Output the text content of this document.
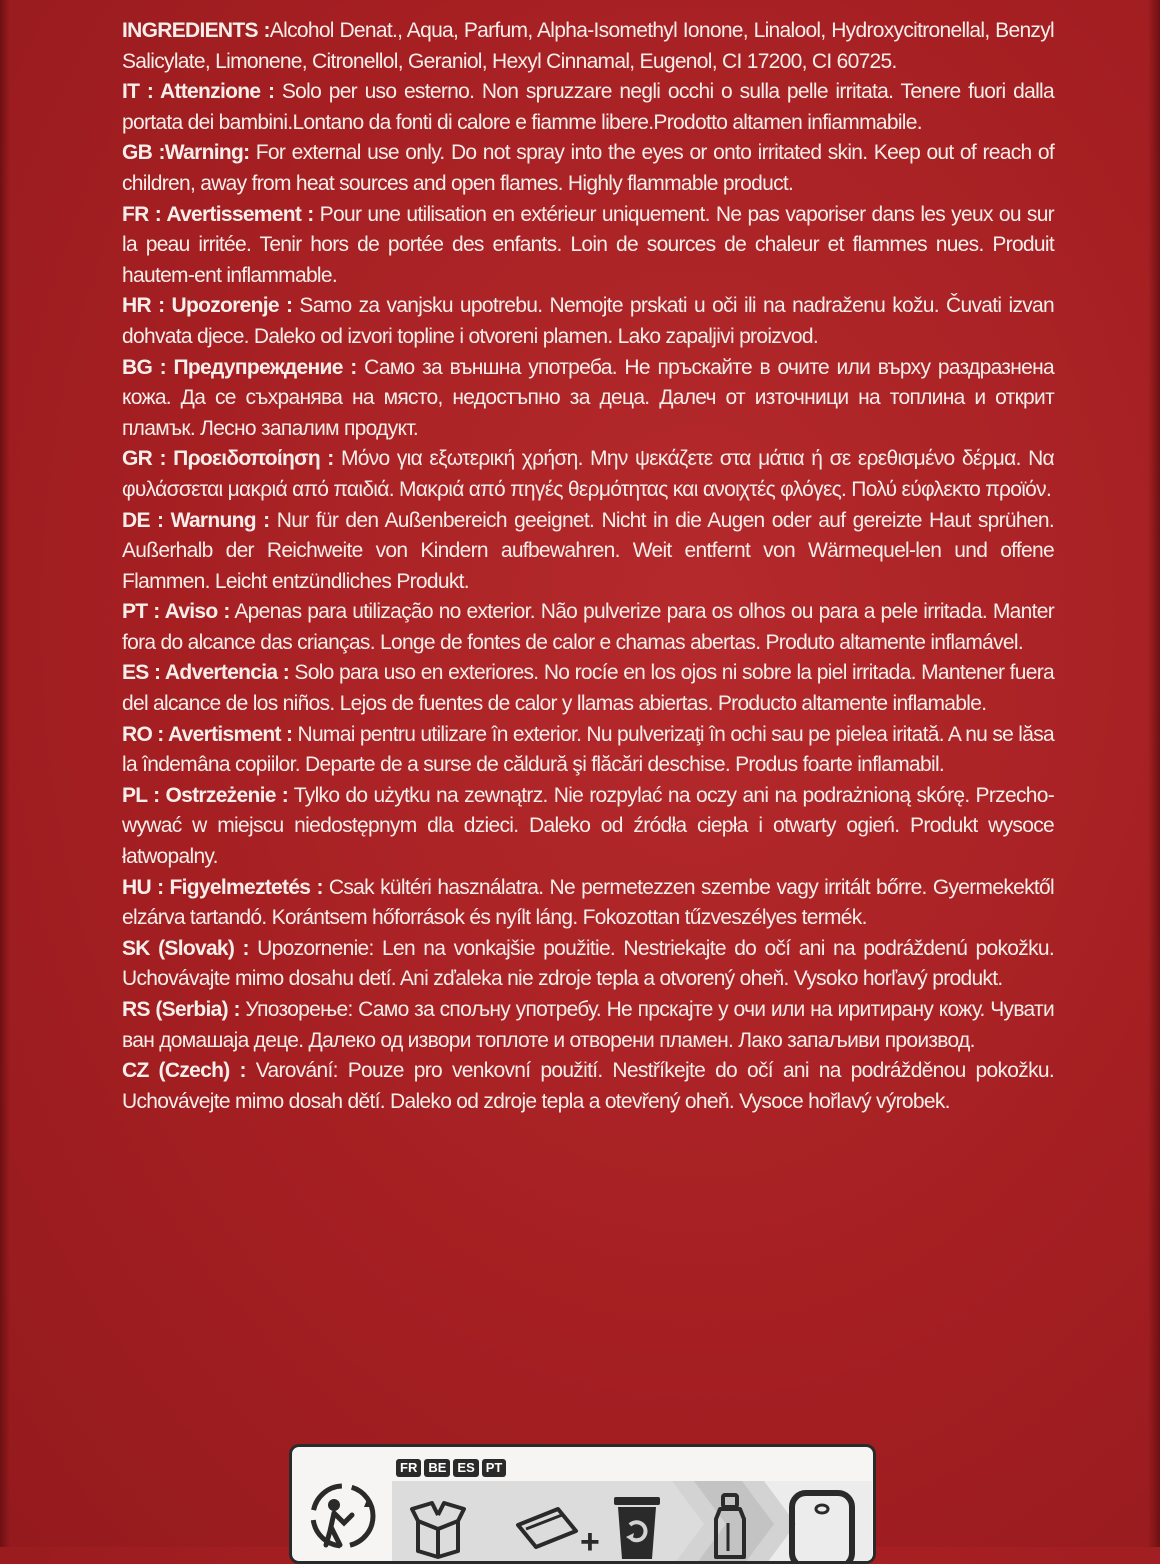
INGREDIENTS :Alcohol Denat., Aqua, Parfum, Alpha-Isomethyl Ionone, Linalool, Hydroxycitronellal, Benzyl Salicylate, Limonene, Citronellol, Geraniol, Hexyl Cinnamal, Eugenol, CI 17200, CI 60725.

IT : Attenzione : Solo per uso esterno. Non spruzzare negli occhi o sulla pelle irritata. Tenere fuori dalla portata dei bambini.Lontano da fonti di calore e fiamme libere.Prodotto altamen infiammabile.

GB :Warning: For external use only. Do not spray into the eyes or onto irritated skin. Keep out of reach of children, away from heat sources and open flames. Highly flammable product.

FR : Avertissement : Pour une utilisation en extérieur uniquement. Ne pas vaporiser dans les yeux ou sur la peau irritée. Tenir hors de portée des enfants. Loin de sources de chaleur et flammes nues. Produit hautem-ent inflammable.

HR : Upozorenje : Samo za vanjsku upotrebu. Nemojte prskati u oči ili na nadraženu kožu. Čuvati izvan dohvata djece. Daleko od izvori topline i otvoreni plamen. Lako zapaljivi proizvod.

BG : Предупреждение : Само за външна употреба. Не пръскайте в очите или върху раздразнена кожа. Да се съхранява на място, недостъпно за деца. Далеч от източници на топлина и открит пламък. Лесно запалим продукт.

GR : Προειδοποίηση : Μόνο για εξωτερική χρήση. Μην ψεκάζετε στα μάτια ή σε ερεθισμένο δέρμα. Να φυλάσσεται μακριά από παιδιά. Μακριά από πηγές θερμότητας και ανοιχτές φλόγες. Πολύ εύφλεκτο προϊόν.

DE : Warnung : Nur für den Außenbereich geeignet. Nicht in die Augen oder auf gereizte Haut sprühen. Außerhalb der Reichweite von Kindern aufbewahren. Weit entfernt von Wärmequel-len und offene Flammen. Leicht entzündliches Produkt.

PT : Aviso : Apenas para utilização no exterior. Não pulverize para os olhos ou para a pele irritada. Manter fora do alcance das crianças. Longe de fontes de calor e chamas abertas. Produto altamente inflamável.

ES : Advertencia : Solo para uso en exteriores. No rocíe en los ojos ni sobre la piel irritada. Mantener fuera del alcance de los niños. Lejos de fuentes de calor y llamas abiertas. Producto altamente inflamable.

RO : Avertisment : Numai pentru utilizare în exterior. Nu pulverizaţi în ochi sau pe pielea iritată. A nu se lăsa la îndemâna copiilor. Departe de a surse de căldură şi flăcări deschise. Produs foarte inflamabil.

PL : Ostrzeżenie : Tylko do użytku na zewnątrz. Nie rozpylać na oczy ani na podrażnioną skórę. Przecho-wywać w miejscu niedostępnym dla dzieci. Daleko od źródła ciepła i otwarty ogień. Produkt wysoce łatwopalny.

HU : Figyelmeztetés : Csak kültéri használatra. Ne permetezzen szembe vagy irritált bőrre. Gyermekektől elzárva tartandó. Korántsem hőforrások és nyílt láng. Fokozottan tűzveszélyes termék.

SK (Slovak) : Upozornenie: Len na vonkajšie použitie. Nestriekajte do očí ani na podráždenú pokožku. Uchovávajte mimo dosahu detí. Ani zďaleka nie zdroje tepla a otvorený oheň. Vysoko horľavý produkt.

RS (Serbia) : Упозорење: Само за спољну употребу. Не прскајте у очи или на иритирану кожу. Чувати ван домашаја деце. Далеко од извори топлоте и отворени пламен. Лако запаљиви производ.

CZ (Czech) : Varování: Pouze pro venkovní použití. Nestříkejte do očí ani na podrážděnou pokožku. Uchovávejte mimo dosah dětí. Daleko od zdroje tepla a otevřený oheň. Vysoce hořlavý výrobek.

FR BE ES PT
+
